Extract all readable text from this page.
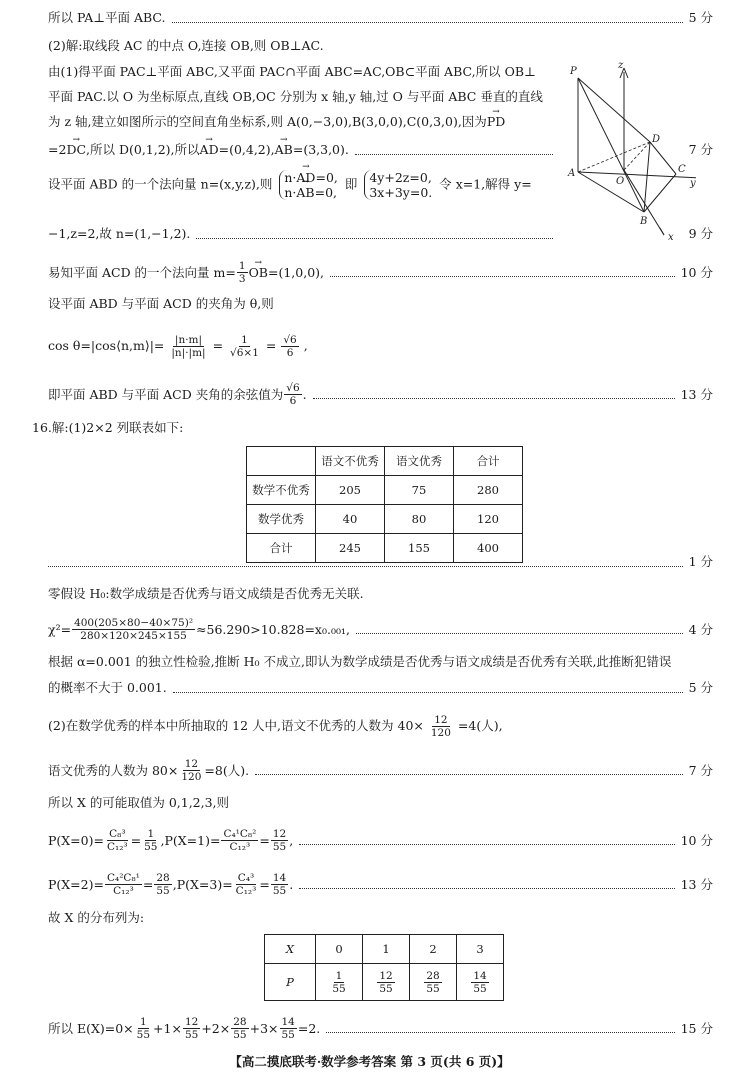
所以 PA⊥平面 ABC.	5 分
(2)解:取线段 AC 的中点 O,连接 OB,则 OB⊥AC.
由(1)得平面 PAC⊥平面 ABC,又平面 PAC∩平面 ABC=AC,OB⊂平面 ABC,所以 OB⊥
平面 PAC.以 O 为坐标原点,直线 OB,OC 分别为 x 轴,y 轴,过 O 与平面 ABC 垂直的直线
为 z 轴,建立如图所示的空间直角坐标系,则 A(0,−3,0),B(3,0,0),C(0,3,0),因为→ PD
=2 → DC ,所以 D(0,1,2),所以 → AD =(0,4,2), → AB =(3,3,0).	7 分
设平面 ABD 的一个法向量 n=(x,y,z),则 n·→ AD=0,
n·→ AB=0,
即 4y+2z=0,
3x+3y=0.
令 x=1,解得 y=
−1,z=2,故 n=(1,−1,2).	9 分
易知平面 ACD 的一个法向量 $m= \frac{1}{3}$ → OB =(1,0,0),	10 分
设平面 ABD 与平面 ACD 的夹角为 θ,则
cos θ=|cos⟨n,m⟩|= $\frac{|n\cdot m|}{|n|\cdot|m|} = \frac{1}{√6\times 1} = \frac{√6}{6}$ ,
即平面 ABD 与平面 ACD 夹角的余弦值为 $\frac{√6}{6}$ .	13 分
P
z
D
A
O
C
y
B
x
16.解:(1)2×2 列联表如下:
	语文不优秀	语文优秀	合计
数学不优秀	205	75	280
数学优秀	40	80	120
合计	245	155	400
1 分
零假设 H₀:数学成绩是否优秀与语文成绩是否优秀无关联.
$\chi^2= \frac{\text{400(205×80−40×75)²}}{280\times 120\times 245\times 155} \approx 56.290>10.828=x_0._{001}$,	4 分
根据 α=0.001 的独立性检验,推断 H₀ 不成立,即认为数学成绩是否优秀与语文成绩是否优秀有关联,此推断犯错误
的概率不大于 0.001.	5 分
(2)在数学优秀的样本中所抽取的 12 人中,语文不优秀的人数为 $40\times \frac{12}{120} =4$(人),
语文优秀的人数为 $80\times \frac{12}{120} =8$(人).	7 分
所以 X 的可能取值为 0,1,2,3,则
$P(X=0)= \frac{\text{C₈³}}{\text{C₁₂³}} = \frac{1}{55} ,P(X=1)= \frac{\text{C₄¹C₈²}}{\text{C₁₂³}} = \frac{12}{55}$ ,	10 分
$P(X=2)= \frac{\text{C₄²C₈¹}}{\text{C₁₂³}} = \frac{28}{55} ,P(X=3)= \frac{\text{C₄³}}{\text{C₁₂³}} = \frac{14}{55}$ .	13 分
故 X 的分布列为:
X	0	1	2	3
P	$\frac{1}{55}$	$\frac{12}{55}$	$\frac{28}{55}$	$\frac{14}{55}$
所以 $E(X)=0\times \frac{1}{55} +1\times \frac{12}{55} +2\times \frac{28}{55} +3\times \frac{14}{55} =2$.	15 分
【高二摸底联考·数学参考答案 第 3 页(共 6 页)】
